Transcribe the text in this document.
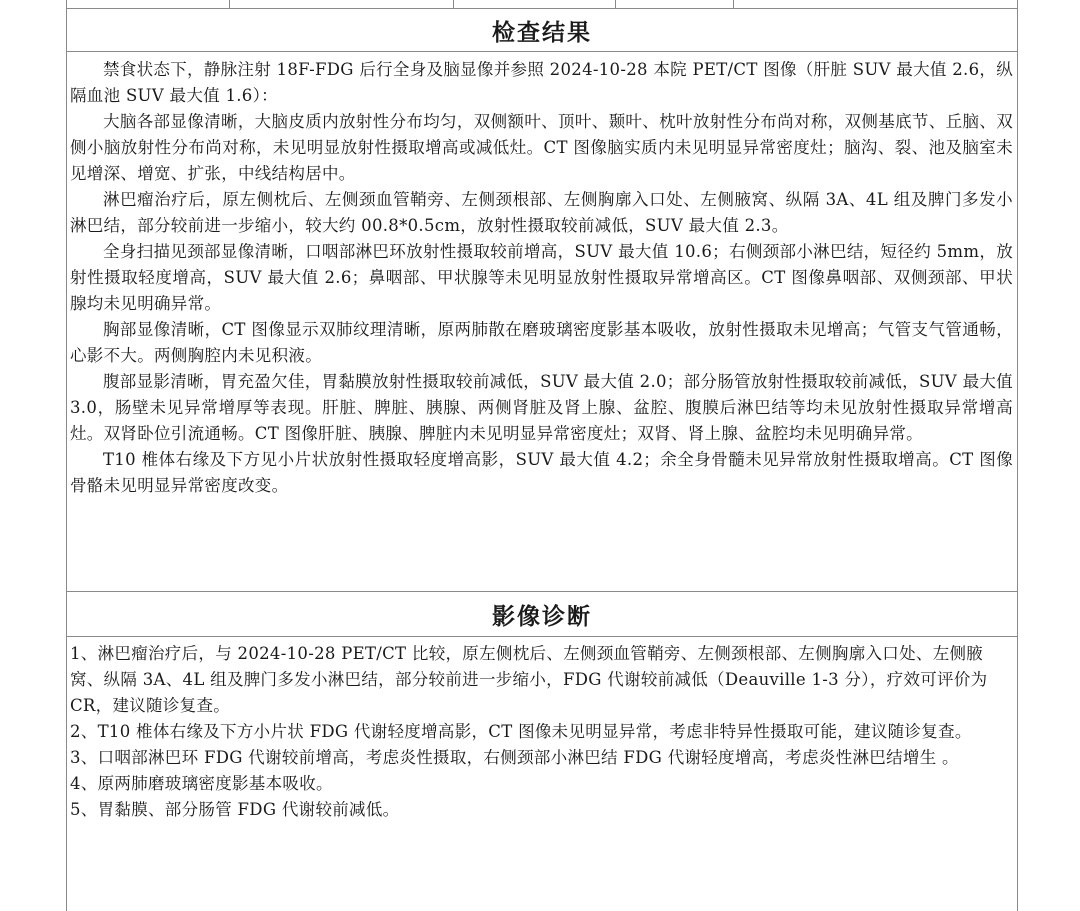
检查结果

禁食状态下，静脉注射 18F-FDG 后行全身及脑显像并参照 2024-10-28 本院 PET/CT 图像（肝脏 SUV 最大值 2.6，纵隔血池 SUV 最大值 1.6）：

大脑各部显像清晰，大脑皮质内放射性分布均匀，双侧额叶、顶叶、颞叶、枕叶放射性分布尚对称，双侧基底节、丘脑、双侧小脑放射性分布尚对称，未见明显放射性摄取增高或减低灶。CT 图像脑实质内未见明显异常密度灶；脑沟、裂、池及脑室未见增深、增宽、扩张，中线结构居中。

淋巴瘤治疗后，原左侧枕后、左侧颈血管鞘旁、左侧颈根部、左侧胸廓入口处、左侧腋窝、纵隔 3A、4L 组及脾门多发小淋巴结，部分较前进一步缩小，较大约 00.8*0.5cm，放射性摄取较前减低，SUV 最大值 2.3。

全身扫描见颈部显像清晰，口咽部淋巴环放射性摄取较前增高，SUV 最大值 10.6；右侧颈部小淋巴结，短径约 5mm，放射性摄取轻度增高，SUV 最大值 2.6；鼻咽部、甲状腺等未见明显放射性摄取异常增高区。CT 图像鼻咽部、双侧颈部、甲状腺均未见明确异常。

胸部显像清晰，CT 图像显示双肺纹理清晰，原两肺散在磨玻璃密度影基本吸收，放射性摄取未见增高；气管支气管通畅，心影不大。两侧胸腔内未见积液。

腹部显影清晰，胃充盈欠佳，胃黏膜放射性摄取较前减低，SUV 最大值 2.0；部分肠管放射性摄取较前减低，SUV 最大值 3.0，肠壁未见异常增厚等表现。肝脏、脾脏、胰腺、两侧肾脏及肾上腺、盆腔、腹膜后淋巴结等均未见放射性摄取异常增高灶。双肾卧位引流通畅。CT 图像肝脏、胰腺、脾脏内未见明显异常密度灶；双肾、肾上腺、盆腔均未见明确异常。

T10 椎体右缘及下方见小片状放射性摄取轻度增高影，SUV 最大值 4.2；余全身骨髓未见异常放射性摄取增高。CT 图像骨骼未见明显异常密度改变。

影像诊断

1、淋巴瘤治疗后，与 2024-10-28 PET/CT 比较，原左侧枕后、左侧颈血管鞘旁、左侧颈根部、左侧胸廓入口处、左侧腋窝、纵隔 3A、4L 组及脾门多发小淋巴结，部分较前进一步缩小，FDG 代谢较前减低（Deauville 1-3 分），疗效可评价为 CR，建议随诊复查。

2、T10 椎体右缘及下方小片状 FDG 代谢轻度增高影，CT 图像未见明显异常，考虑非特异性摄取可能，建议随诊复查。

3、口咽部淋巴环 FDG 代谢较前增高，考虑炎性摄取，右侧颈部小淋巴结 FDG 代谢轻度增高，考虑炎性淋巴结增生 。

4、原两肺磨玻璃密度影基本吸收。

5、胃黏膜、部分肠管 FDG 代谢较前减低。
